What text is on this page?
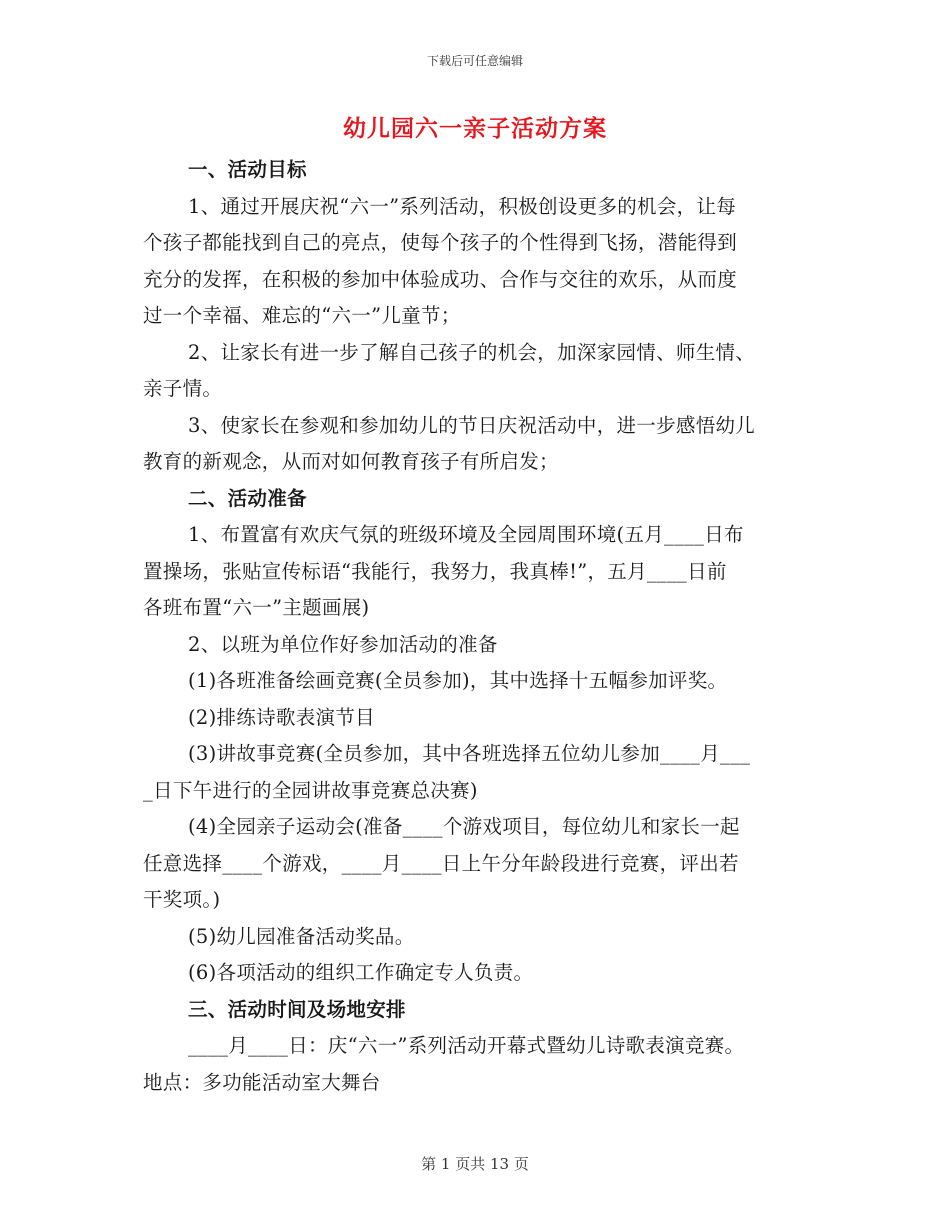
下载后可任意编辑
幼儿园六一亲子活动方案
一、活动目标
1、通过开展庆祝“六一”系列活动，积极创设更多的机会，让每
个孩子都能找到自己的亮点，使每个孩子的个性得到飞扬，潜能得到
充分的发挥，在积极的参加中体验成功、合作与交往的欢乐，从而度
过一个幸福、难忘的“六一”儿童节；
2、让家长有进一步了解自己孩子的机会，加深家园情、师生情、
亲子情。
3、使家长在参观和参加幼儿的节日庆祝活动中，进一步感悟幼儿
教育的新观念，从而对如何教育孩子有所启发；
二、活动准备
1、布置富有欢庆气氛的班级环境及全园周围环境(五月____日布
置操场，张贴宣传标语“我能行，我努力，我真棒!”，五月____日前
各班布置“六一”主题画展)
2、以班为单位作好参加活动的准备
(1)各班准备绘画竞赛(全员参加)，其中选择十五幅参加评奖。
(2)排练诗歌表演节目
(3)讲故事竞赛(全员参加，其中各班选择五位幼儿参加____月___
_日下午进行的全园讲故事竞赛总决赛)
(4)全园亲子运动会(准备____个游戏项目，每位幼儿和家长一起
任意选择____个游戏，____月____日上午分年龄段进行竞赛，评出若
干奖项。)
(5)幼儿园准备活动奖品。
(6)各项活动的组织工作确定专人负责。
三、活动时间及场地安排
____月____日：庆“六一”系列活动开幕式暨幼儿诗歌表演竞赛。
地点：多功能活动室大舞台
第 1 页共 13 页
